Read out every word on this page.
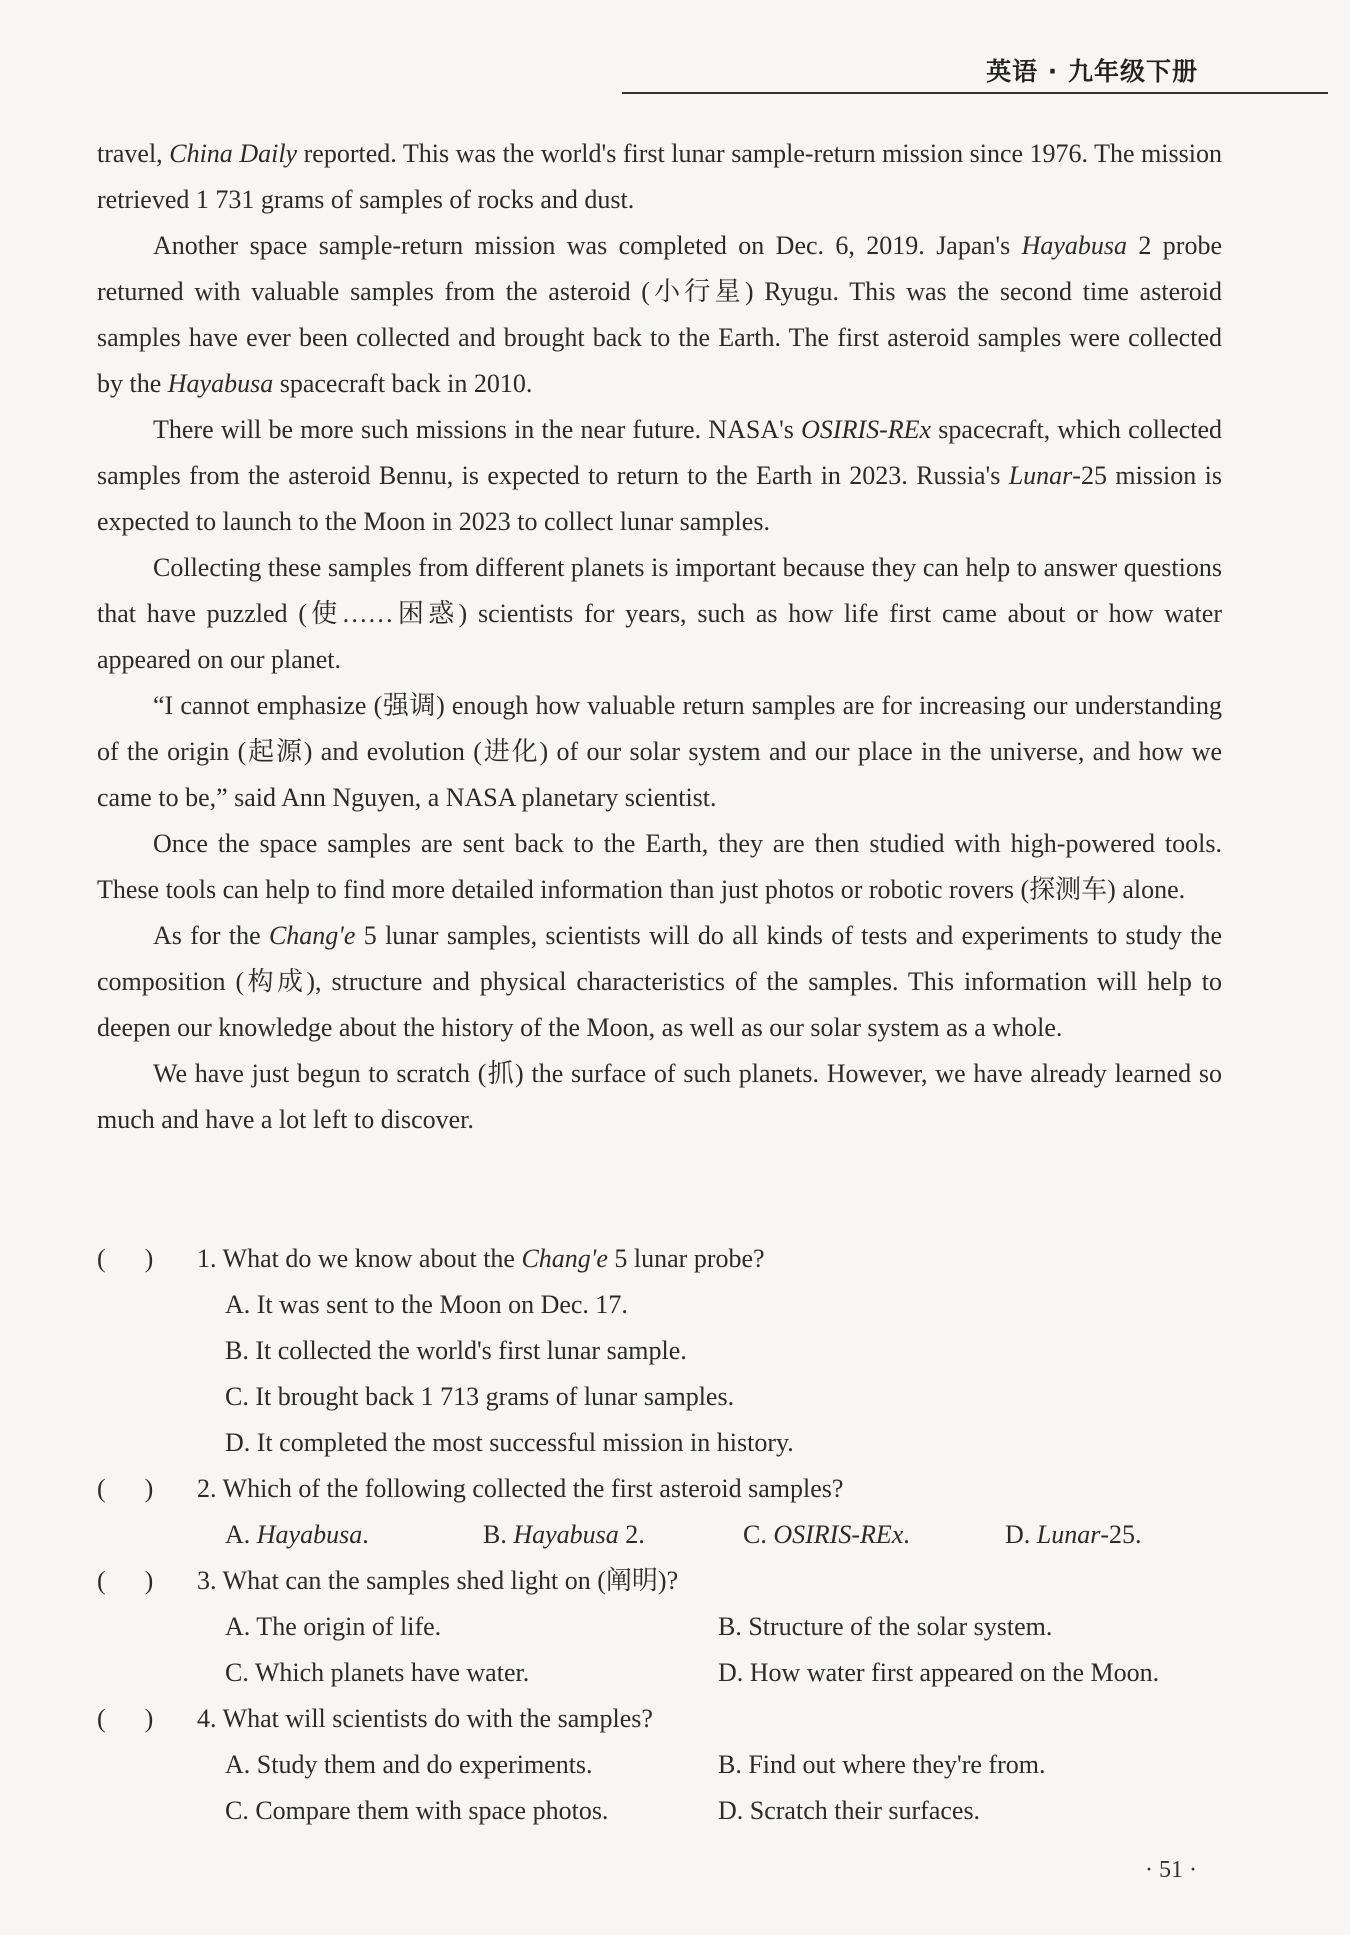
英语 · 九年级下册

travel, China Daily reported. This was the world's first lunar sample-return mission since 1976. The mission retrieved 1 731 grams of samples of rocks and dust.

Another space sample-return mission was completed on Dec. 6, 2019. Japan's Hayabusa 2 probe returned with valuable samples from the asteroid (小行星) Ryugu. This was the second time asteroid samples have ever been collected and brought back to the Earth. The first asteroid samples were collected by the Hayabusa spacecraft back in 2010.

There will be more such missions in the near future. NASA's OSIRIS-REx spacecraft, which collected samples from the asteroid Bennu, is expected to return to the Earth in 2023. Russia's Lunar-25 mission is expected to launch to the Moon in 2023 to collect lunar samples.

Collecting these samples from different planets is important because they can help to answer questions that have puzzled (使……困惑) scientists for years, such as how life first came about or how water appeared on our planet.

“I cannot emphasize (强调) enough how valuable return samples are for increasing our understanding of the origin (起源) and evolution (进化) of our solar system and our place in the universe, and how we came to be,” said Ann Nguyen, a NASA planetary scientist.

Once the space samples are sent back to the Earth, they are then studied with high-powered tools. These tools can help to find more detailed information than just photos or robotic rovers (探测车) alone.

As for the Chang'e 5 lunar samples, scientists will do all kinds of tests and experiments to study the composition (构成), structure and physical characteristics of the samples. This information will help to deepen our knowledge about the history of the Moon, as well as our solar system as a whole.

We have just begun to scratch (抓) the surface of such planets. However, we have already learned so much and have a lot left to discover.

(      )	1. What do we know about the Chang'e 5 lunar probe?
A. It was sent to the Moon on Dec. 17.
B. It collected the world's first lunar sample.
C. It brought back 1 713 grams of lunar samples.
D. It completed the most successful mission in history.
(      )	2. Which of the following collected the first asteroid samples?
A. Hayabusa.	B. Hayabusa 2.	C. OSIRIS-REx.	D. Lunar-25.
(      )	3. What can the samples shed light on (阐明)?
A. The origin of life.	B. Structure of the solar system.
C. Which planets have water.	D. How water first appeared on the Moon.
(      )	4. What will scientists do with the samples?
A. Study them and do experiments.	B. Find out where they're from.
C. Compare them with space photos.	D. Scratch their surfaces.
· 51 ·
